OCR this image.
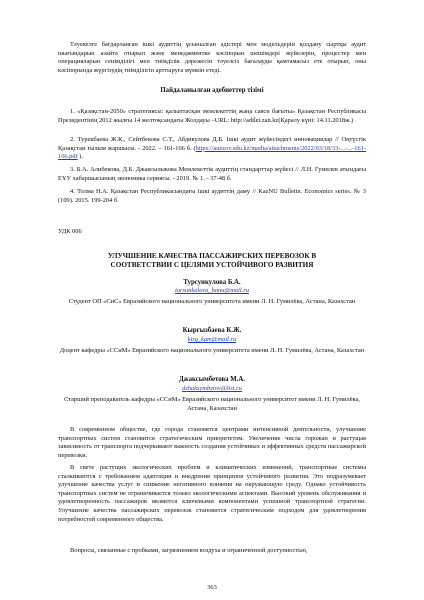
Тәуекелге бағдарланған ішкі аудиттің ұсынылған әдістері мен модельдерін қолдану сыртқы аудит шығындарын азайта отырып және менеджментке кәсіпорын шешімдері жүйелерін, процестер мен операцияларын сенімділігі мен тиімділік дәрежесін тәуелсіз бағалауды қамтамасыз ете отырып, оны кәсіпорында жүргізудің тиімділігін арттыруға мүмкін етеді.
Пайдаланылған әдебиеттер тізімі
1. «Қазақстан-2050» стратегиясы: қалыптасқан мемлекеттің жаңа саяси бағыты» Қазақстан Республикасы Президентінің 2012 жылғы 14 желтоқсандағы Жолдауы –URL: http://adilet.zan.kz(Қаралу күні: 14.11.2018ж.)
2. Турекбаева Ж.К., Сейтбекова С.Т., Абдикулова Д.Б. Ішкі аудит жүйесіндегі инновациялар // Оңтүстік Қазақстан ғылым жаршысы. - 2022. – 161-166 б. (https://auezov.edu.kz/media/attachments/2022/03/18/33-...-...-161- 166.pdf ).
3. Б.А. Алибекова, Д.Б. Джаксылыкова Мемлекеттік аудиттің стандарттар жүйесі // Л.Н. Гумилев атындағы ЕҰУ хабаршысының экономика сериясы. - 2019. № 1. - 37-48 б.
4. Толма Н.А. Қазақстан Республикасындағы ішкі аудиттің даму // KazNU Bulletin. Economics series. № 3 (109). 2015. 199-204 б.
УДК 006
УЛУЧШЕНИЕ КАЧЕСТВА ПАССАЖИРСКИХ ПЕРЕВОЗОК В
СООТВЕТСТВИИ С ЦЕЛЯМИ УСТОЙЧИВОГО РАЗВИТИЯ
Турсункулова Б.А.
tursunkulova_banu@mail.ru
Студент ОП «СиС» Евразийского национального университета имени Л. Н. Гумилёва, Астана, Казахстан
Кыргызбаева К.Ж.
kirg_kam@mail.ru
Доцент кафедры «ССиМ» Евразийского национального университета имени Л. Н. Гумилёва, Астана, Казахстан
Джаксымбетова М.А.
dzhaksymbetov@list.ru
Старший преподаватель кафедры «ССиМ» Евразийского национального университет имени Л. Н. Гумилёва, Астана, Казахстан
В современном обществе, где города становятся центрами интенсивной деятельности, улучшение транспортных систем становится стратегическим приоритетом. Увеличение числа горожан и растущая зависимость от транспорта подчеркивают важность создания устойчивых и эффективных средств пассажирской перевозки.
В свете растущих экологических проблем и климатических изменений, транспортные системы сталкиваются с требованием адаптации и внедрения принципов устойчивого развития. Это подразумевает улучшение качества услуг и снижение негативного влияния на окружающую среду. Однако устойчивость транспортных систем не ограничивается только экологическими аспектами. Высокий уровень обслуживания и удовлетворенность пассажиров являются ключевыми компонентами успешной транспортной стратегии. Улучшение качества пассажирских перевозок становится стратегическим подходом для удовлетворения потребностей современного общества.
Вопросы, связанные с пробками, загрязнением воздуха и ограниченной доступностью,
363
